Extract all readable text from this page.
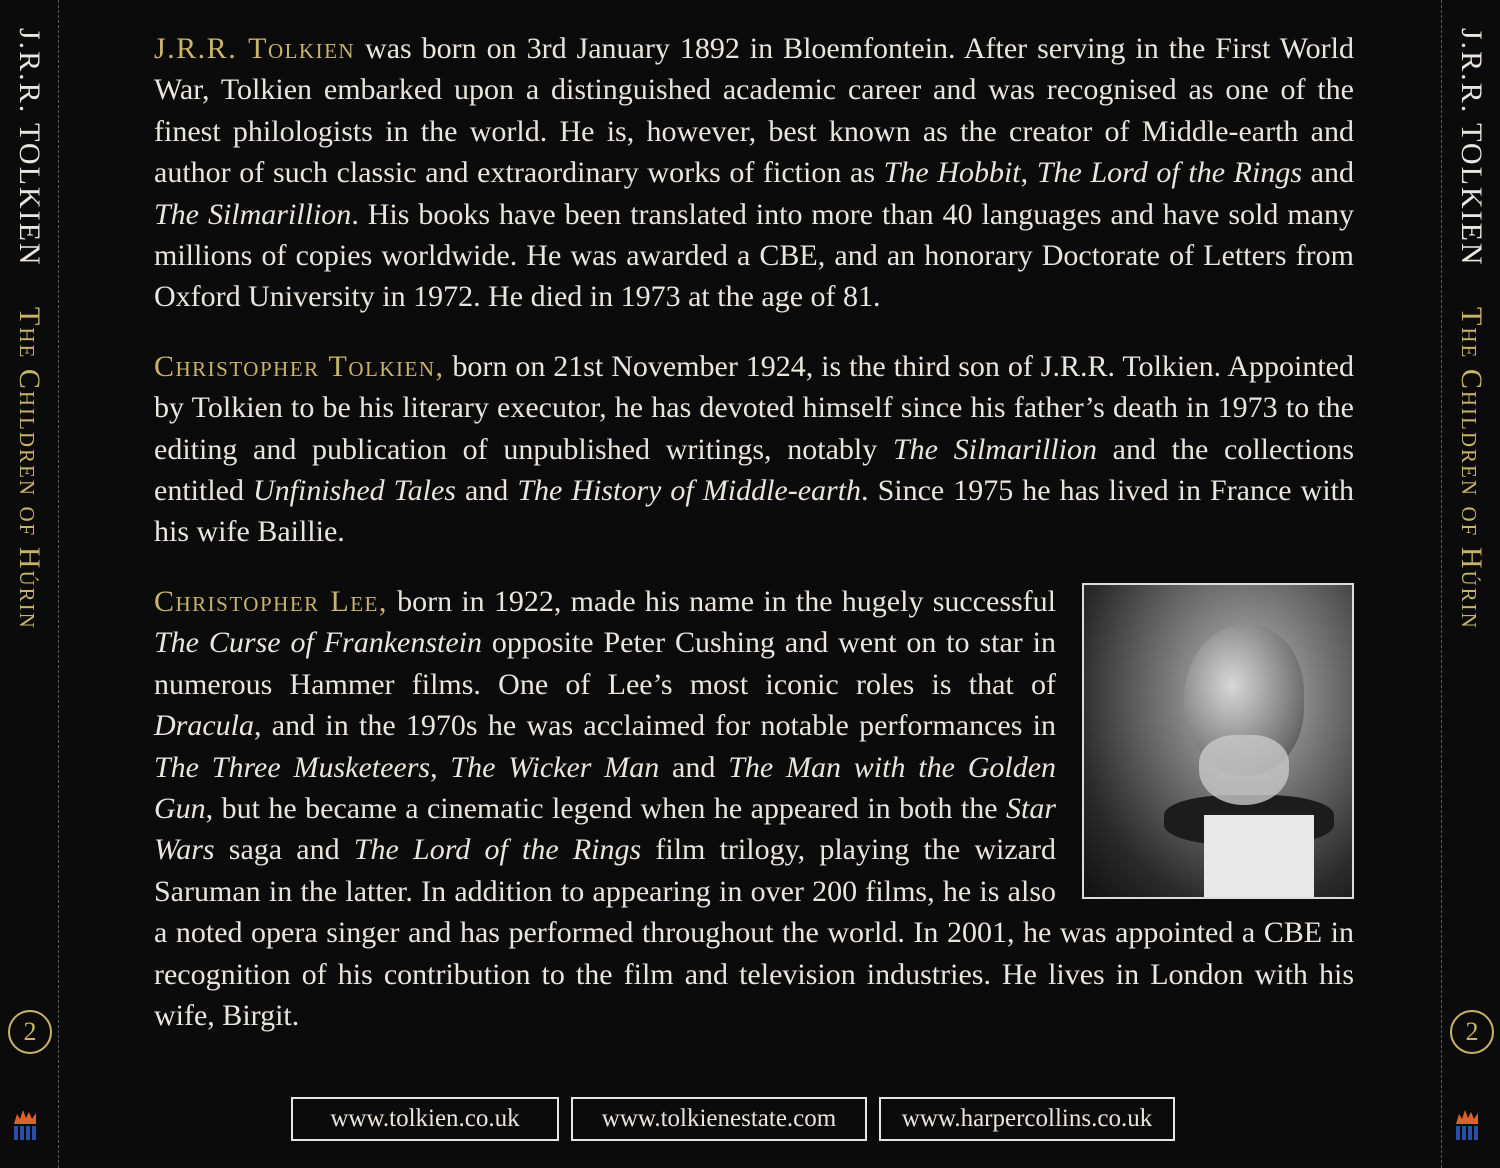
J.R.R. TOLKIENThe Children of Húrin
2
J.R.R. TOLKIENThe Children of Húrin
2

J.R.R. Tolkien was born on 3rd January 1892 in Bloemfontein. After serving in the First World War, Tolkien embarked upon a distinguished academic career and was recognised as one of the finest philologists in the world. He is, however, best known as the creator of Middle-earth and author of such classic and extraordinary works of fiction as The Hobbit, The Lord of the Rings and The Silmarillion. His books have been translated into more than 40 languages and have sold many millions of copies worldwide. He was awarded a CBE, and an honorary Doctorate of Letters from Oxford University in 1972. He died in 1973 at the age of 81.

Christopher Tolkien, born on 21st November 1924, is the third son of J.R.R. Tolkien. Appointed by Tolkien to be his literary executor, he has devoted himself since his father’s death in 1973 to the editing and publication of unpublished writings, notably The Silmarillion and the collections entitled Unfinished Tales and The History of Middle-earth. Since 1975 he has lived in France with his wife Baillie.

Christopher Lee, born in 1922, made his name in the hugely successful The Curse of Frankenstein opposite Peter Cushing and went on to star in numerous Hammer films. One of Lee’s most iconic roles is that of Dracula, and in the 1970s he was acclaimed for notable performances in The Three Musketeers, The Wicker Man and The Man with the Golden Gun, but he became a cinematic legend when he appeared in both the Star Wars saga and The Lord of the Rings film trilogy, playing the wizard Saruman in the latter. In addition to appearing in over 200 films, he is also a noted opera singer and has performed throughout the world. In 2001, he was appointed a CBE in recognition of his contribution to the film and television industries. He lives in London with his wife, Birgit.

www.tolkien.co.uk	www.tolkienestate.com	www.harpercollins.co.uk
